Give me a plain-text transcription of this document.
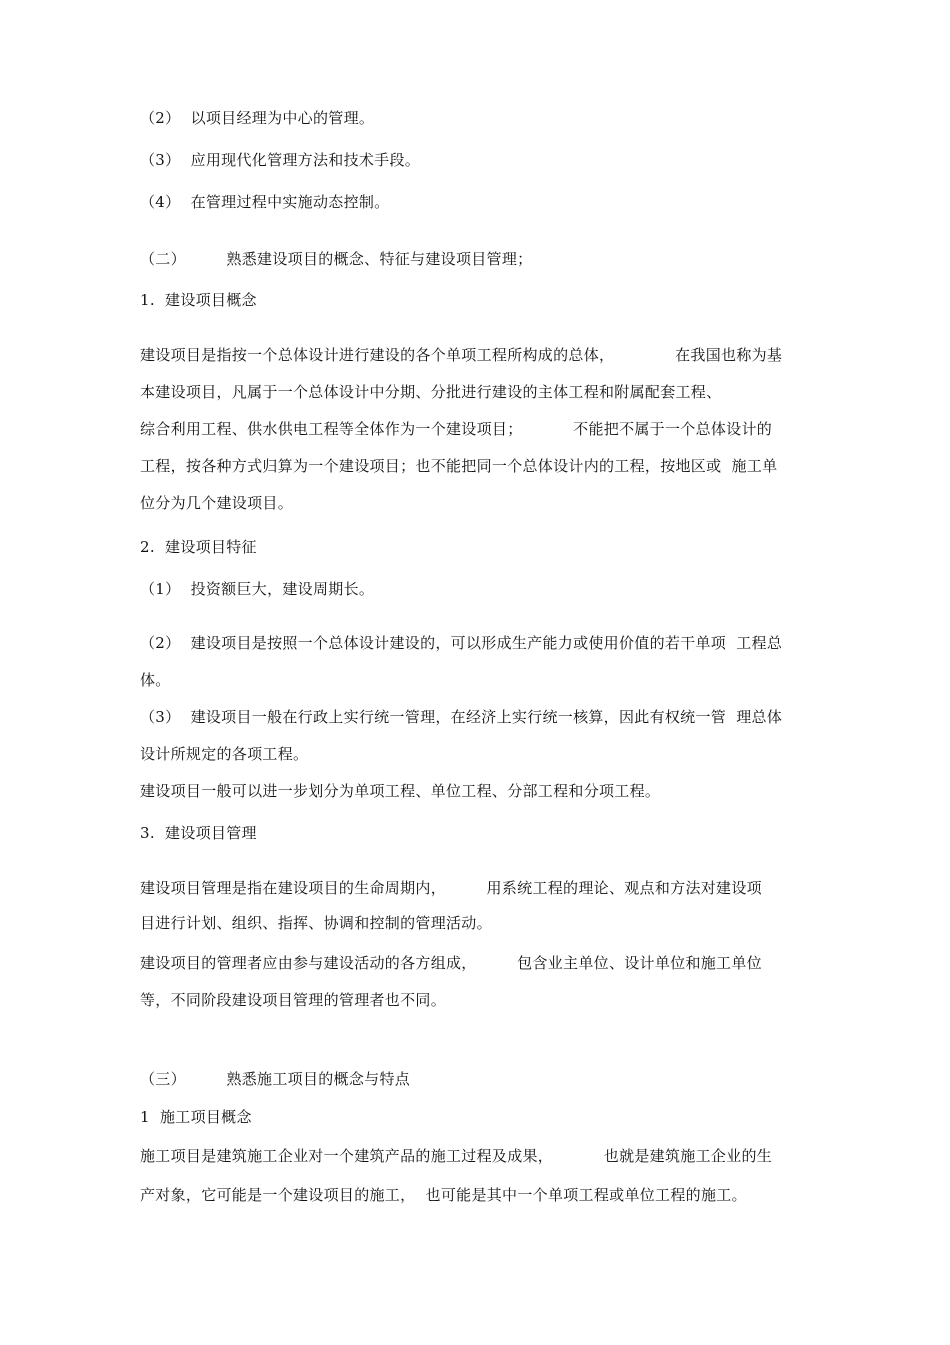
（2）  以项目经理为中心的管理。
（3）  应用现代化管理方法和技术手段。
（4）  在管理过程中实施动态控制。
（二）        熟悉建设项目的概念、特征与建设项目管理；
1.  建设项目概念
建设项目是指按一个总体设计进行建设的各个单项工程所构成的总体，            在我国也称为基
本建设项目，凡属于一个总体设计中分期、分批进行建设的主体工程和附属配套工程、
综合利用工程、供水供电工程等全体作为一个建设项目；          不能把不属于一个总体设计的
工程，按各种方式归算为一个建设项目；也不能把同一个总体设计内的工程，按地区或  施工单
位分为几个建设项目。
2.  建设项目特征
（1）  投资额巨大，建设周期长。
（2）  建设项目是按照一个总体设计建设的，可以形成生产能力或使用价值的若干单项  工程总
体。
（3）  建设项目一般在行政上实行统一管理，在经济上实行统一核算，因此有权统一管  理总体
设计所规定的各项工程。
建设项目一般可以进一步划分为单项工程、单位工程、分部工程和分项工程。
3.  建设项目管理
建设项目管理是指在建设项目的生命周期内，        用系统工程的理论、观点和方法对建设项
目进行计划、组织、指挥、协调和控制的管理活动。
建设项目的管理者应由参与建设活动的各方组成，        包含业主单位、设计单位和施工单位
等，不同阶段建设项目管理的管理者也不同。
（三）        熟悉施工项目的概念与特点
1  施工项目概念
施工项目是建筑施工企业对一个建筑产品的施工过程及成果，          也就是建筑施工企业的生
产对象，它可能是一个建设项目的施工，  也可能是其中一个单项工程或单位工程的施工。
